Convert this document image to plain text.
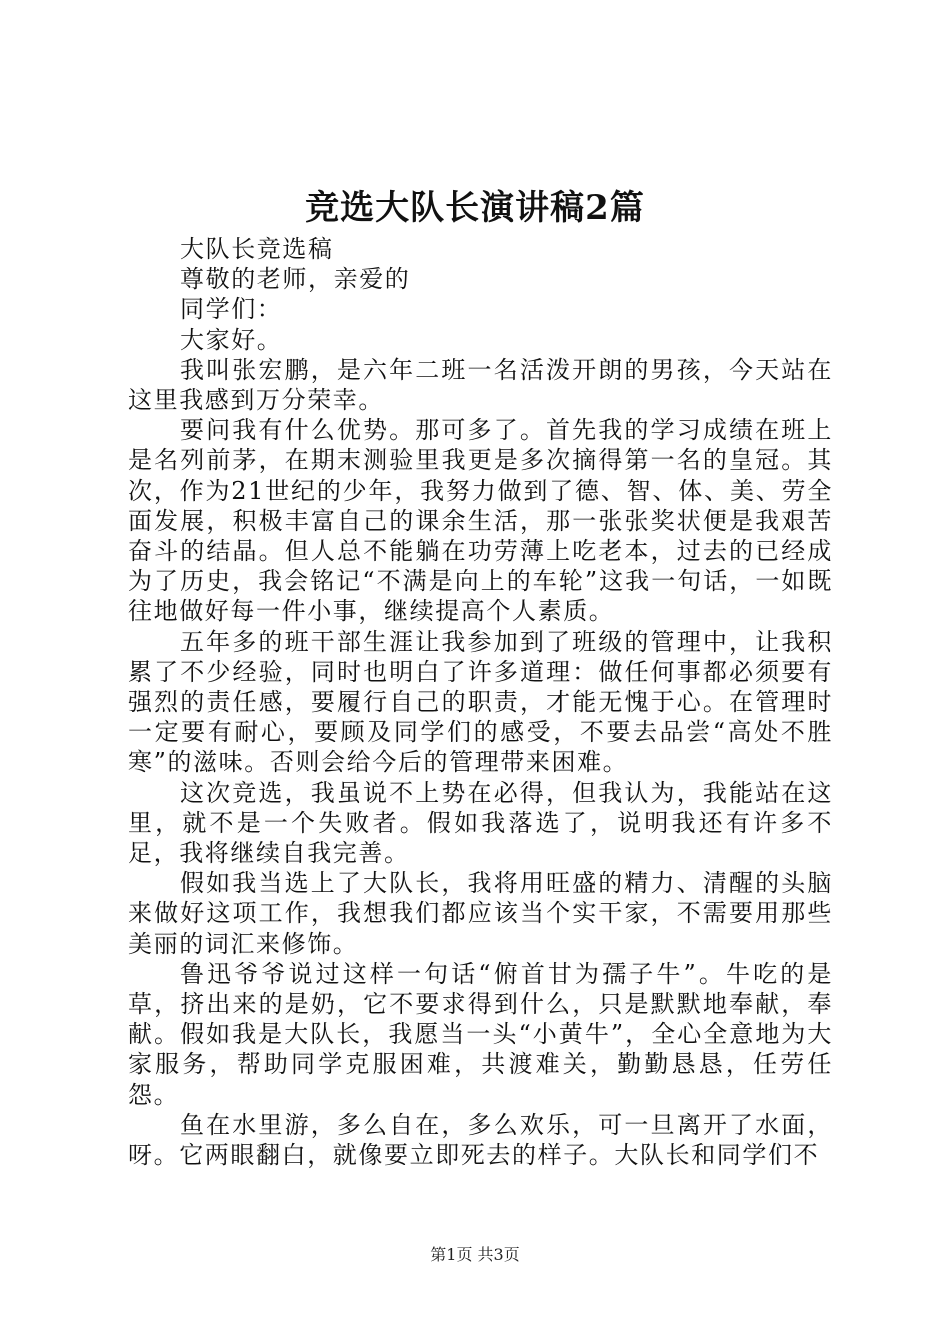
竞选大队长演讲稿2篇

大队长竞选稿

尊敬的老师，亲爱的

同学们：

大家好。

我叫张宏鹏，是六年二班一名活泼开朗的男孩，今天站在这里我感到万分荣幸。

要问我有什么优势。那可多了。首先我的学习成绩在班上是名列前茅，在期末测验里我更是多次摘得第一名的皇冠。其次，作为21世纪的少年，我努力做到了德、智、体、美、劳全面发展，积极丰富自己的课余生活，那一张张奖状便是我艰苦奋斗的结晶。但人总不能躺在功劳薄上吃老本，过去的已经成为了历史，我会铭记“不满是向上的车轮”这我一句话，一如既往地做好每一件小事，继续提高个人素质。

五年多的班干部生涯让我参加到了班级的管理中，让我积累了不少经验，同时也明白了许多道理：做任何事都必须要有强烈的责任感，要履行自己的职责，才能无愧于心。在管理时一定要有耐心，要顾及同学们的感受，不要去品尝“高处不胜寒”的滋味。否则会给今后的管理带来困难。

这次竞选，我虽说不上势在必得，但我认为，我能站在这里，就不是一个失败者。假如我落选了，说明我还有许多不足，我将继续自我完善。

假如我当选上了大队长，我将用旺盛的精力、清醒的头脑来做好这项工作，我想我们都应该当个实干家，不需要用那些美丽的词汇来修饰。

鲁迅爷爷说过这样一句话“俯首甘为孺子牛”。牛吃的是草，挤出来的是奶，它不要求得到什么，只是默默地奉献，奉献。假如我是大队长，我愿当一头“小黄牛”，全心全意地为大家服务，帮助同学克服困难，共渡难关，勤勤恳恳，任劳任怨。

鱼在水里游，多么自在，多么欢乐，可一旦离开了水面，呀。它两眼翻白，就像要立即死去的样子。大队长和同学们不

第1页 共3页
